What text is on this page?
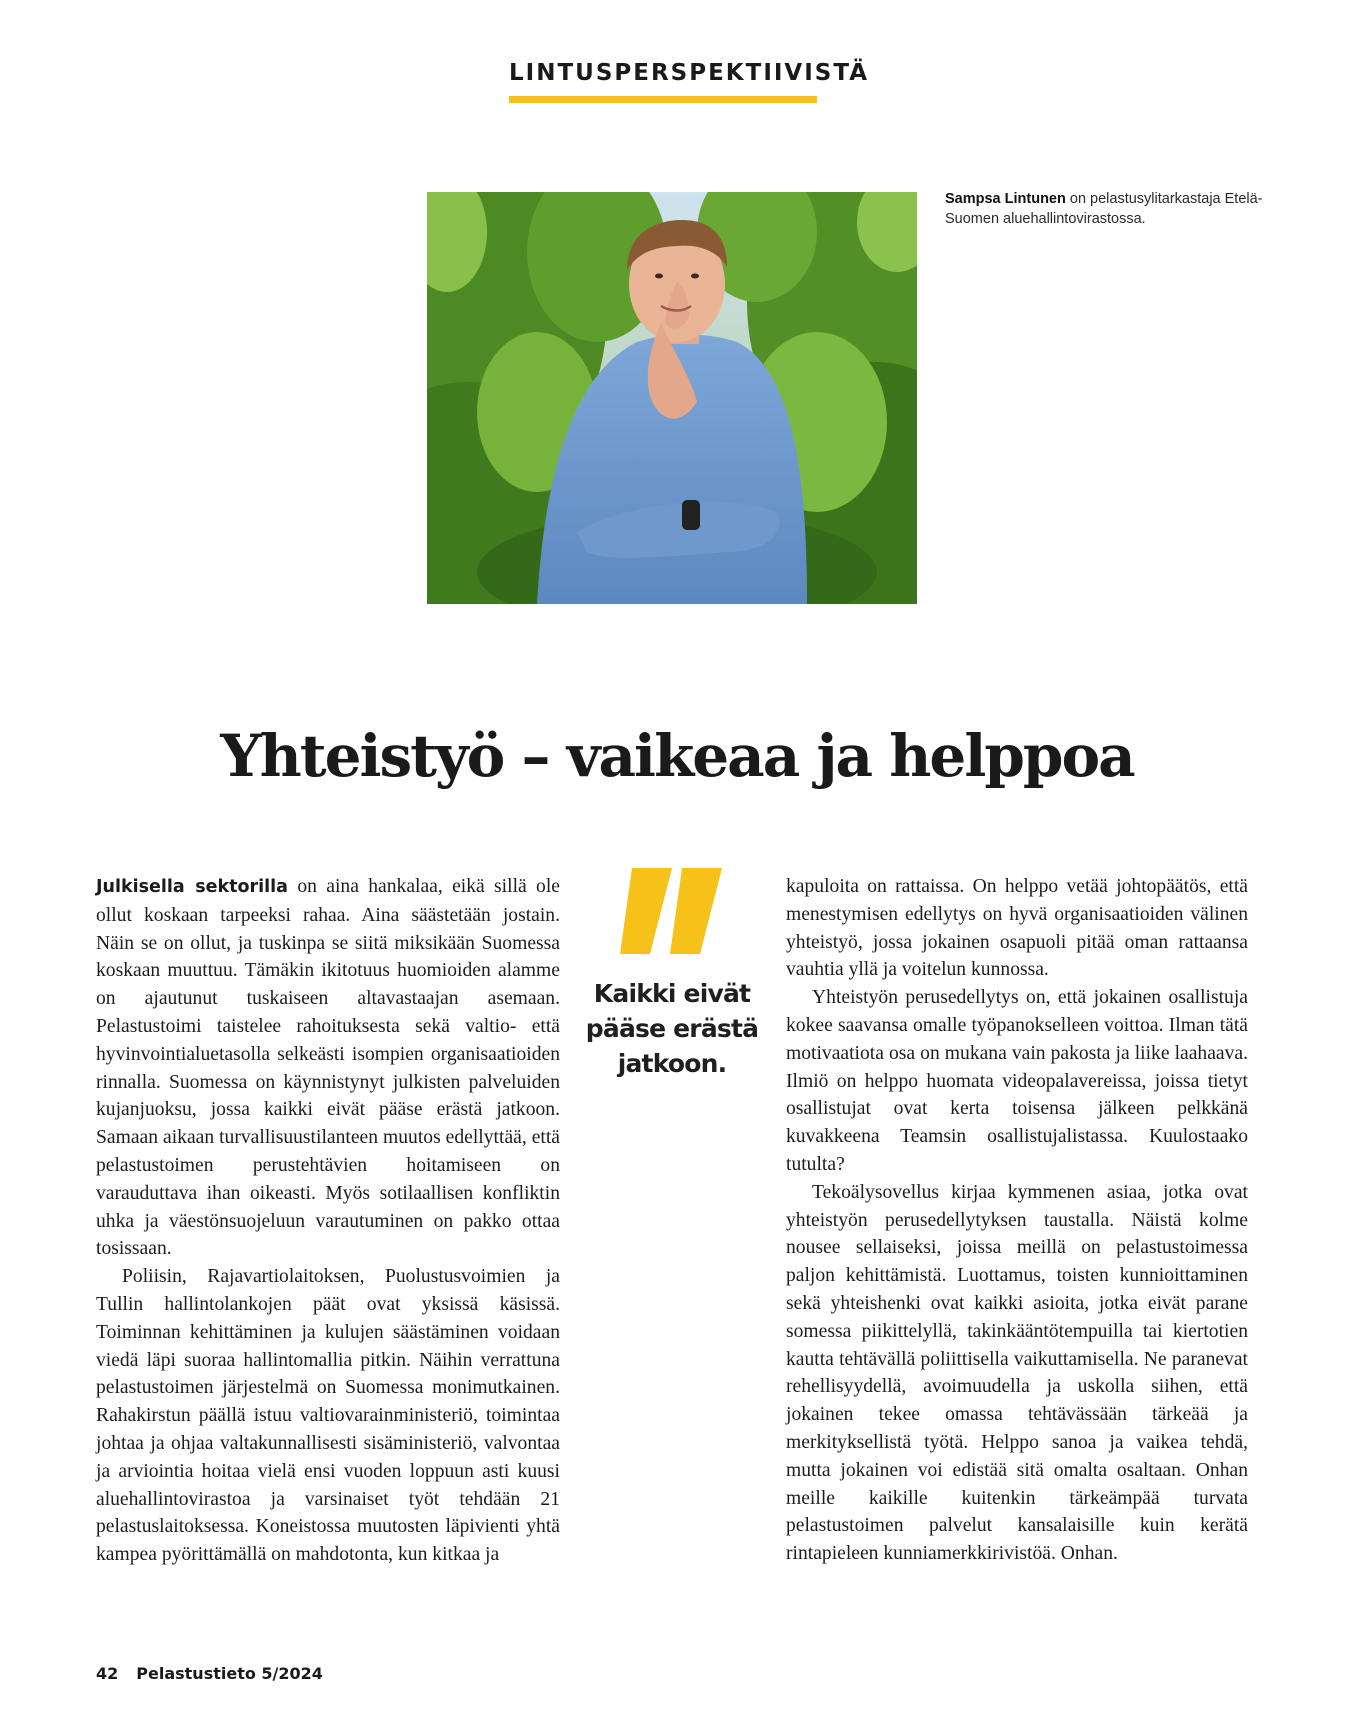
LINTUSPERSPEKTIIVISTÄ
Sampsa Lintunen on pelastusylitarkastaja Etelä-Suomen aluehallintovirastossa.
Yhteistyö – vaikeaa ja helppoa

Julkisella sektorilla on aina hankalaa, eikä sillä ole ollut koskaan tarpeeksi rahaa. Aina säästetään jostain. Näin se on ollut, ja tuskinpa se siitä miksikään Suomessa koskaan muuttuu. Tämäkin ikitotuus huomioiden alamme on ajautunut tuskaiseen altavastaajan asemaan. Pelastustoimi taistelee rahoituksesta sekä valtio- että hyvinvointialuetasolla selkeästi isompien organisaatioiden rinnalla. Suomessa on käynnistynyt julkisten palveluiden kujanjuoksu, jossa kaikki eivät pääse erästä jatkoon. Samaan aikaan turvallisuustilanteen muutos edellyttää, että pelastustoimen perustehtävien hoitamiseen on varauduttava ihan oikeasti. Myös sotilaallisen konfliktin uhka ja väestönsuojeluun varautuminen on pakko ottaa tosissaan.

Poliisin, Rajavartiolaitoksen, Puolustusvoimien ja Tullin hallintolankojen päät ovat yksissä käsissä. Toiminnan kehittäminen ja kulujen säästäminen voidaan viedä läpi suoraa hallintomallia pitkin. Näihin verrattuna pelastustoimen järjestelmä on Suomessa monimutkainen. Rahakirstun päällä istuu valtiovarainministeriö, toimintaa johtaa ja ohjaa valtakunnallisesti sisäministeriö, valvontaa ja arviointia hoitaa vielä ensi vuoden loppuun asti kuusi aluehallintovirastoa ja varsinaiset työt tehdään 21 pelastuslaitoksessa. Koneistossa muutosten läpivienti yhtä kampea pyörittämällä on mahdotonta, kun kitkaa ja

Kaikki eivät pääse erästä jatkoon.

kapuloita on rattaissa. On helppo vetää johtopäätös, että menestymisen edellytys on hyvä organisaatioiden välinen yhteistyö, jossa jokainen osapuoli pitää oman rattaansa vauhtia yllä ja voitelun kunnossa.

Yhteistyön perusedellytys on, että jokainen osallistuja kokee saavansa omalle työpanokselleen voittoa. Ilman tätä motivaatiota osa on mukana vain pakosta ja liike laahaava. Ilmiö on helppo huomata videopalavereissa, joissa tietyt osallistujat ovat kerta toisensa jälkeen pelkkänä kuvakkeena Teamsin osallistujalistassa. Kuulostaako tutulta?

Tekoälysovellus kirjaa kymmenen asiaa, jotka ovat yhteistyön perusedellytyksen taustalla. Näistä kolme nousee sellaiseksi, joissa meillä on pelastustoimessa paljon kehittämistä. Luottamus, toisten kunnioittaminen sekä yhteishenki ovat kaikki asioita, jotka eivät parane somessa piikittelyllä, takinkääntötempuilla tai kiertotien kautta tehtävällä poliittisella vaikuttamisella. Ne paranevat rehellisyydellä, avoimuudella ja uskolla siihen, että jokainen tekee omassa tehtävässään tärkeää ja merkityksellistä työtä. Helppo sanoa ja vaikea tehdä, mutta jokainen voi edistää sitä omalta osaltaan. Onhan meille kaikille kuitenkin tärkeämpää turvata pelastustoimen palvelut kansalaisille kuin kerätä rintapieleen kunniamerkkirivistöä. Onhan.

42 Pelastustieto 5/2024
